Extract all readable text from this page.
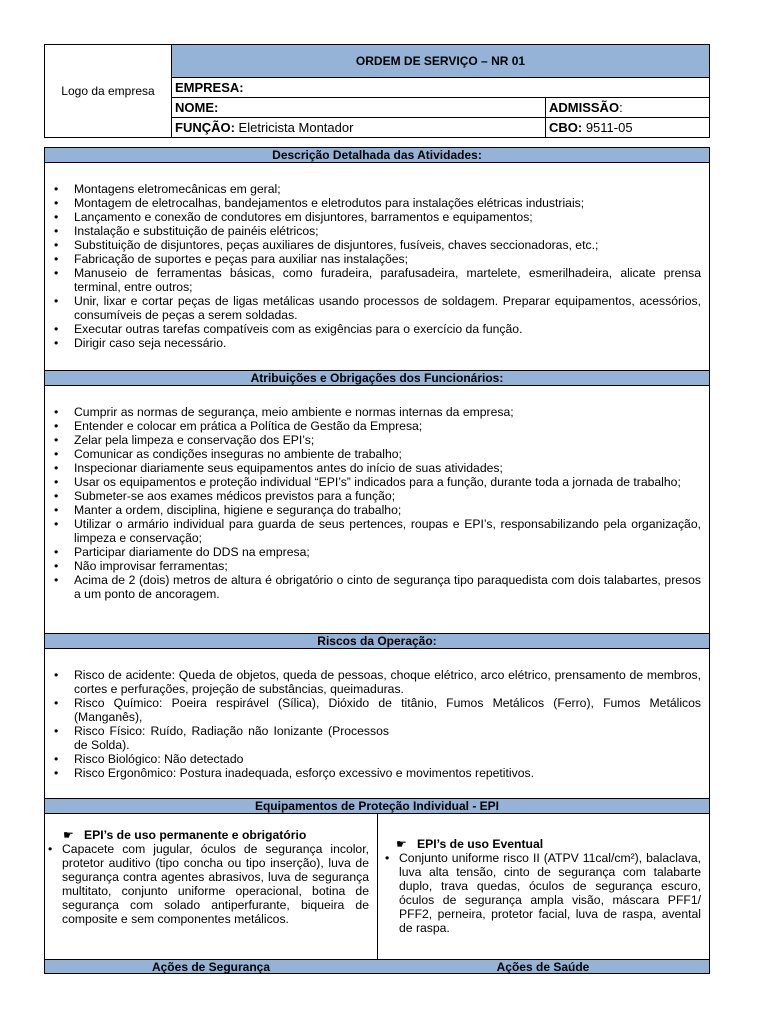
Logo da empresa	ORDEM DE SERVIÇO – NR 01	
	EMPRESA:	
	NOME:	ADMISSÃO:
	FUNÇÃO: Eletricista Montador	CBO: 9511-05
Descrição Detalhada das Atividades:
• Montagens eletromecânicas em geral;
• Montagem de eletrocalhas, bandejamentos e eletrodutos para instalações elétricas industriais;
• Lançamento e conexão de condutores em disjuntores, barramentos e equipamentos;
• Instalação e substituição de painéis elétricos;
• Substituição de disjuntores, peças auxiliares de disjuntores, fusíveis, chaves seccionadoras, etc.;
• Fabricação de suportes e peças para auxiliar nas instalações;
• Manuseio de ferramentas básicas, como furadeira, parafusadeira, martelete, esmerilhadeira, alicate prensa terminal, entre outros;
• Unir, lixar e cortar peças de ligas metálicas usando processos de soldagem. Preparar equipamentos, acessórios, consumíveis de peças a serem soldadas.
• Executar outras tarefas compatíveis com as exigências para o exercício da função.
• Dirigir caso seja necessário.
Atribuições e Obrigações dos Funcionários:
• Cumprir as normas de segurança, meio ambiente e normas internas da empresa;
• Entender e colocar em prática a Política de Gestão da Empresa;
• Zelar pela limpeza e conservação dos EPI’s;
• Comunicar as condições inseguras no ambiente de trabalho;
• Inspecionar diariamente seus equipamentos antes do início de suas atividades;
• Usar os equipamentos e proteção individual “EPI’s” indicados para a função, durante toda a jornada de trabalho;
• Submeter-se aos exames médicos previstos para a função;
• Manter a ordem, disciplina, higiene e segurança do trabalho;
• Utilizar o armário individual para guarda de seus pertences, roupas e EPI’s, responsabilizando pela organização, limpeza e conservação;
• Participar diariamente do DDS na empresa;
• Não improvisar ferramentas;
• Acima de 2 (dois) metros de altura é obrigatório o cinto de segurança tipo paraquedista com dois talabartes, presos a um ponto de ancoragem.
Riscos da Operação:
• Risco de acidente: Queda de objetos, queda de pessoas, choque elétrico, arco elétrico, prensamento de membros, cortes e perfurações, projeção de substâncias, queimaduras.
• Risco Químico: Poeira respirável (Sílica), Dióxido de titânio, Fumos Metálicos (Ferro), Fumos Metálicos (Manganês),
• Risco Físico: Ruído, Radiação não Ionizante (Processos de Solda).
• Risco Biológico: Não detectado
• Risco Ergonômico: Postura inadequada, esforço excessivo e movimentos repetitivos.
Equipamentos de Proteção Individual - EPI
☛ EPI’s de uso permanente e obrigatório
• Capacete com jugular, óculos de segurança incolor, protetor auditivo (tipo concha ou tipo inserção), luva de segurança contra agentes abrasivos, luva de segurança multitato, conjunto uniforme operacional, botina de segurança com solado antiperfurante, biqueira de composite e sem componentes metálicos.
☛ EPI’s de uso Eventual
• Conjunto uniforme risco II (ATPV 11cal/cm²), balaclava, luva alta tensão, cinto de segurança com talabarte duplo, trava quedas, óculos de segurança escuro, óculos de segurança ampla visão, máscara PFF1/ PFF2, perneira, protetor facial, luva de raspa, avental de raspa.
Ações de Segurança	Ações de Saúde
